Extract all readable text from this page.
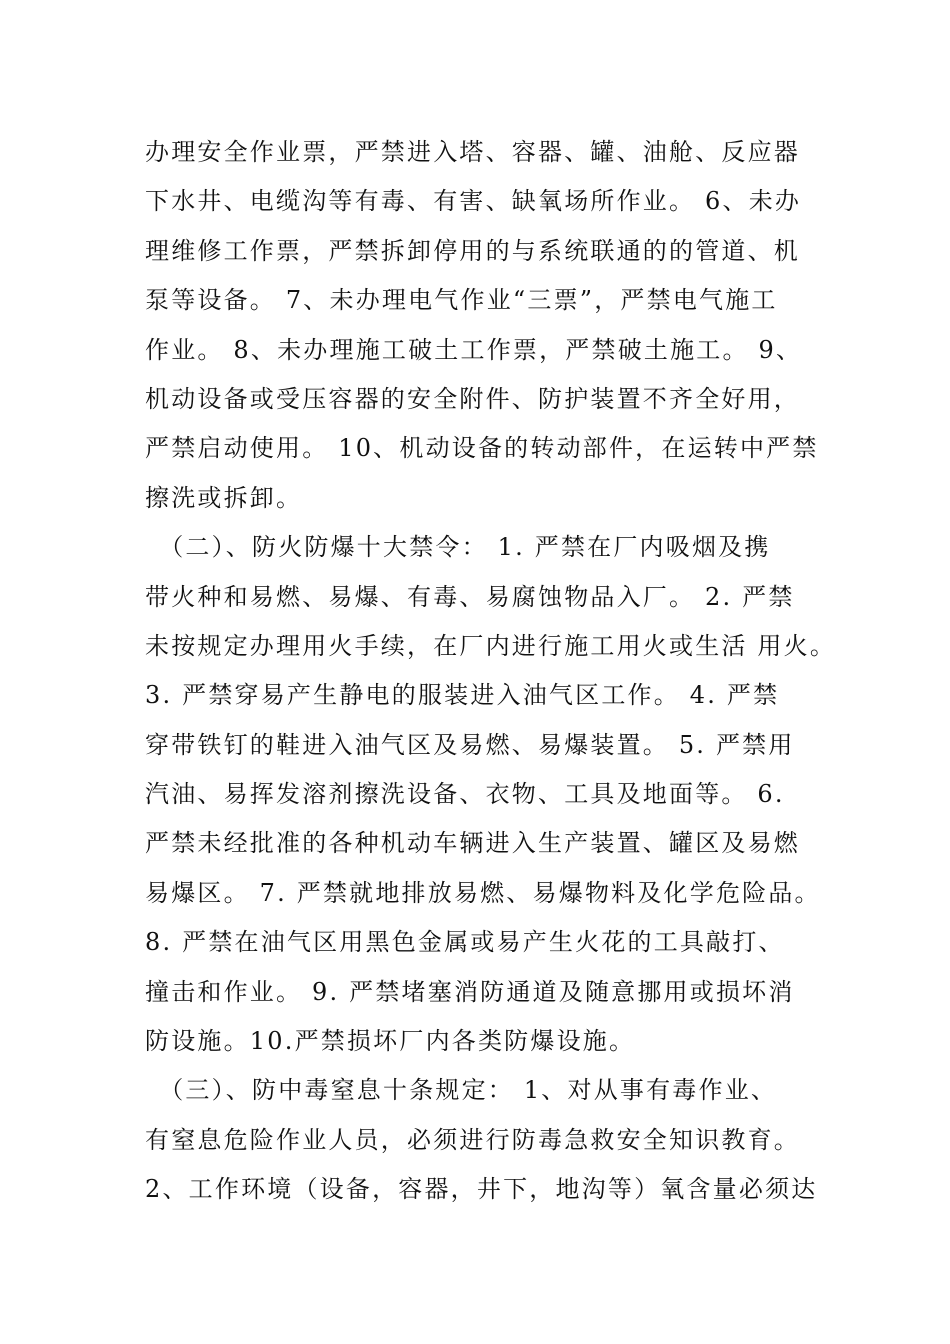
办理安全作业票，严禁进入塔、容器、罐、油舱、反应器
下水井、电缆沟等有毒、有害、缺氧场所作业。 6、未办
理维修工作票，严禁拆卸停用的与系统联通的的管道、机
泵等设备。 7、未办理电气作业“三票”，严禁电气施工
作业。 8、未办理施工破土工作票，严禁破土施工。 9、
机动设备或受压容器的安全附件、防护装置不齐全好用，
严禁启动使用。 10、机动设备的转动部件，在运转中严禁
擦洗或拆卸。
　（二）、防火防爆十大禁令： 1. 严禁在厂内吸烟及携
带火种和易燃、易爆、有毒、易腐蚀物品入厂。 2. 严禁
未按规定办理用火手续，在厂内进行施工用火或生活 用火。
3. 严禁穿易产生静电的服装进入油气区工作。 4. 严禁
穿带铁钉的鞋进入油气区及易燃、易爆装置。 5. 严禁用
汽油、易挥发溶剂擦洗设备、衣物、工具及地面等。 6.
严禁未经批准的各种机动车辆进入生产装置、罐区及易燃
易爆区。 7. 严禁就地排放易燃、易爆物料及化学危险品。
8. 严禁在油气区用黑色金属或易产生火花的工具敲打、
撞击和作业。 9. 严禁堵塞消防通道及随意挪用或损坏消
防设施。10.严禁损坏厂内各类防爆设施。
　（三）、防中毒窒息十条规定： 1、对从事有毒作业、
有窒息危险作业人员，必须进行防毒急救安全知识教育。
2、工作环境（设备，容器，井下，地沟等）氧含量必须达
